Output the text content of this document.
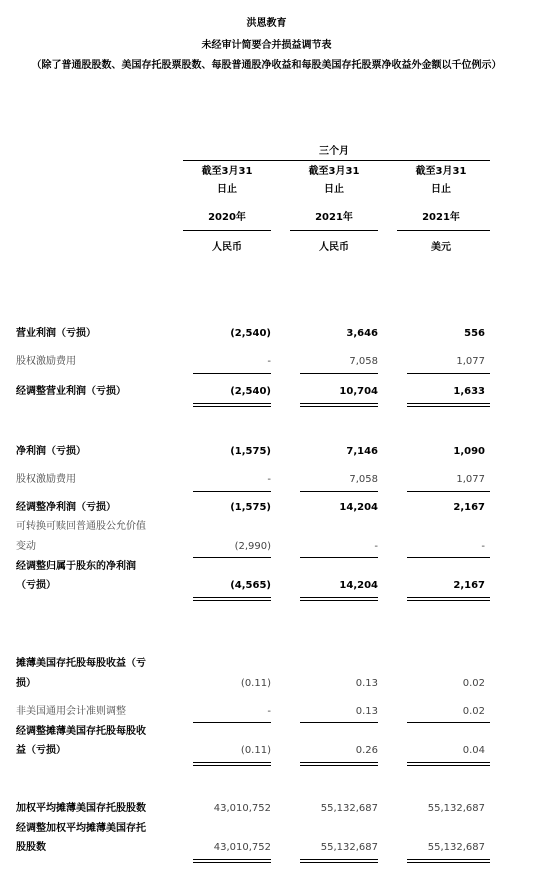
洪恩教育
未经审计简要合并损益调节表
（除了普通股股数、美国存托股票股数、每股普通股净收益和每股美国存托股票净收益外金额以千位例示）
三个月
截至3月31	截至3月31	截至3月31
日止	日止	日止
2020年	2021年	2021年
人民币	人民币	美元
营业利润（亏损）	(2,540)	3,646	556
股权激励费用	-	7,058	1,077
经调整营业利润（亏损）	(2,540)	10,704	1,633
净利润（亏损）	(1,575)	7,146	1,090
股权激励费用	-	7,058	1,077
经调整净利润（亏损）	(1,575)	14,204	2,167
可转换可赎回普通股公允价值
变动	(2,990)	-	-
经调整归属于股东的净利润
（亏损）	(4,565)	14,204	2,167
摊薄美国存托股每股收益（亏
损）	(0.11)	0.13	0.02
非美国通用会计准则调整	-	0.13	0.02
经调整摊薄美国存托股每股收
益（亏损）	(0.11)	0.26	0.04
加权平均摊薄美国存托股股数	43,010,752	55,132,687	55,132,687
经调整加权平均摊薄美国存托
股股数	43,010,752	55,132,687	55,132,687
